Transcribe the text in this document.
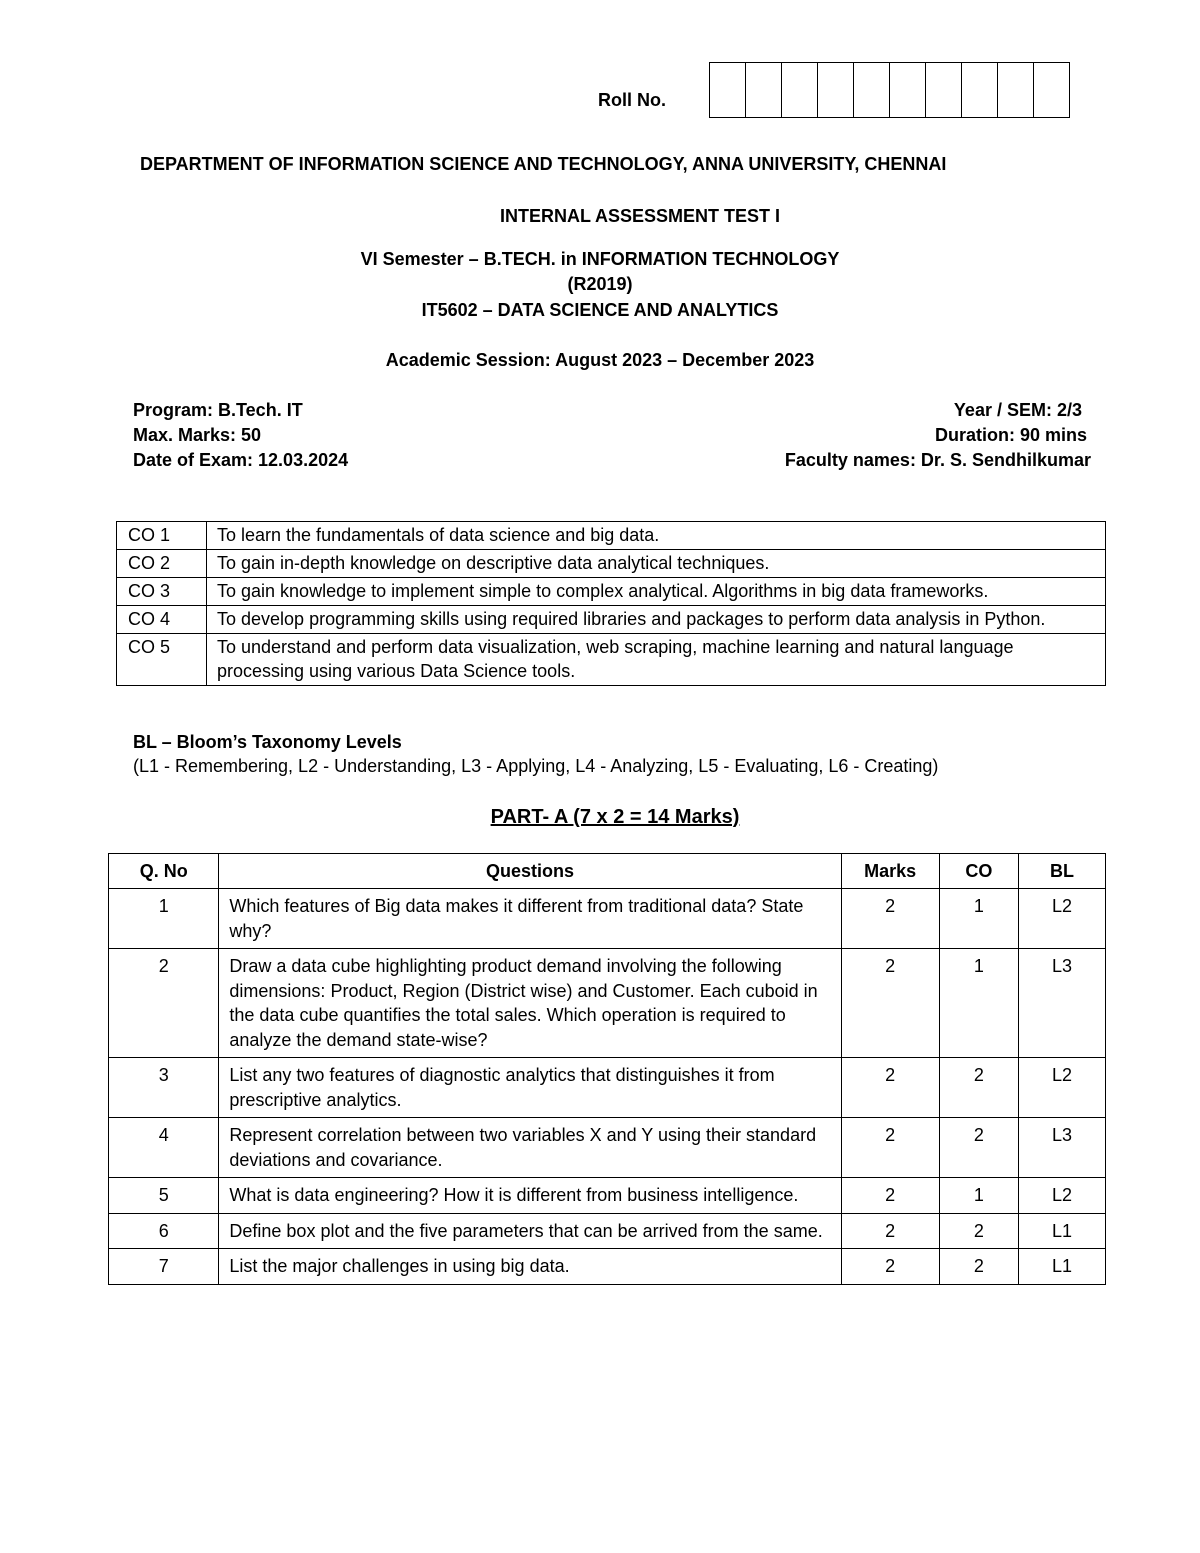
Roll No.
DEPARTMENT OF INFORMATION SCIENCE AND TECHNOLOGY, ANNA UNIVERSITY, CHENNAI
INTERNAL ASSESSMENT TEST I
VI Semester – B.TECH. in INFORMATION TECHNOLOGY
(R2019)
IT5602 – DATA SCIENCE AND ANALYTICS
Academic Session: August 2023 – December 2023
Program: B.Tech. IT
Max. Marks: 50
Date of Exam: 12.03.2024
Year / SEM: 2/3
Duration: 90 mins
Faculty names: Dr. S. Sendhilkumar
CO 1	To learn the fundamentals of data science and big data.
CO 2	To gain in-depth knowledge on descriptive data analytical techniques.
CO 3	To gain knowledge to implement simple to complex analytical. Algorithms in big data frameworks.
CO 4	To develop programming skills using required libraries and packages to perform data analysis in Python.
CO 5	To understand and perform data visualization, web scraping, machine learning and natural language processing using various Data Science tools.
BL – Bloom’s Taxonomy Levels
(L1 - Remembering, L2 - Understanding, L3 - Applying, L4 - Analyzing, L5 - Evaluating, L6 - Creating)
PART- A (7 x 2 = 14 Marks)
Q. No	Questions	Marks	CO	BL
1	Which features of Big data makes it different from traditional data? State why?	2	1	L2
2	Draw a data cube highlighting product demand involving the following dimensions: Product, Region (District wise) and Customer. Each cuboid in the data cube quantifies the total sales. Which operation is required to analyze the demand state-wise?	2	1	L3
3	List any two features of diagnostic analytics that distinguishes it from prescriptive analytics.	2	2	L2
4	Represent correlation between two variables X and Y using their standard deviations and covariance.	2	2	L3
5	What is data engineering? How it is different from business intelligence.	2	1	L2
6	Define box plot and the five parameters that can be arrived from the same.	2	2	L1
7	List the major challenges in using big data.	2	2	L1
